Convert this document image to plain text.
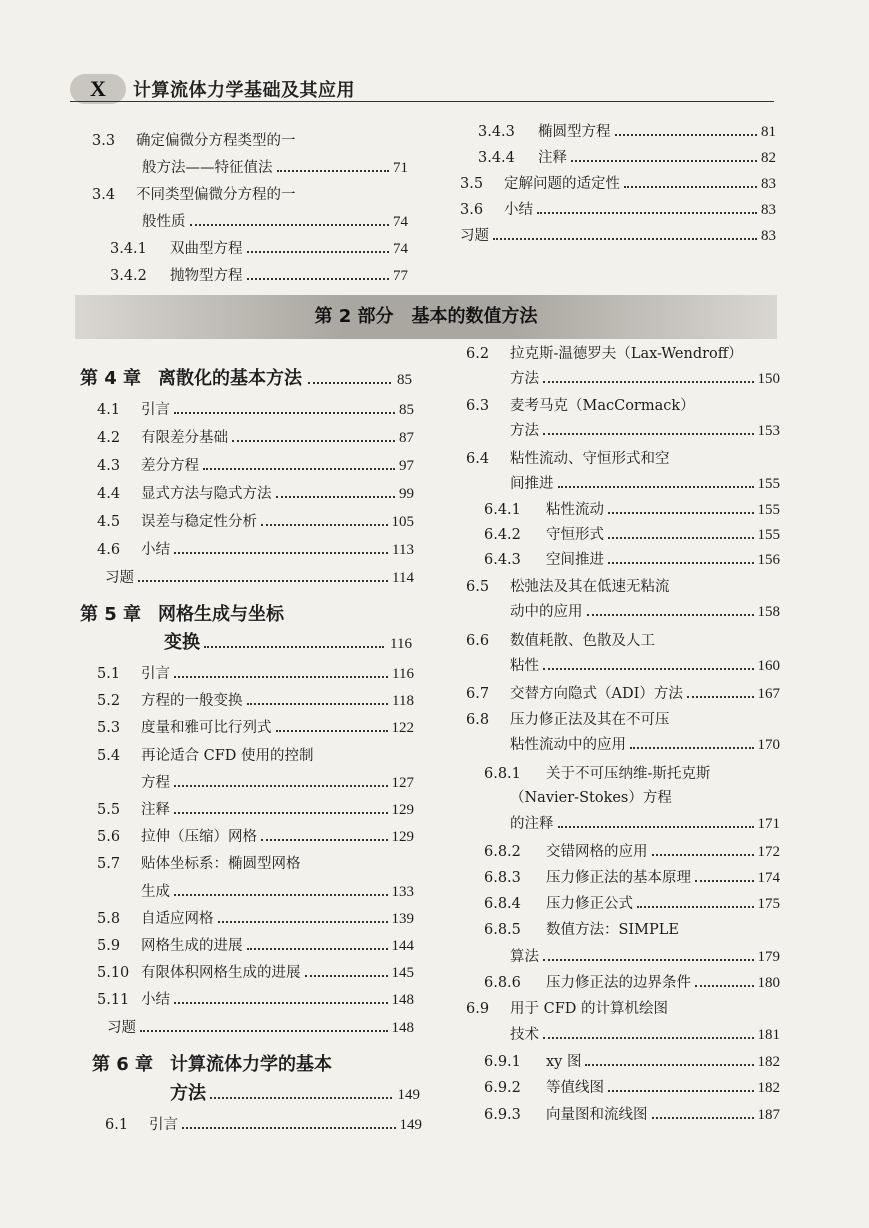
X	计算流体力学基础及其应用
3.3	确定偏微分方程类型的一
般方法——特征值法	71
3.4	不同类型偏微分方程的一
般性质	74
3.4.1	双曲型方程	74
3.4.2	抛物型方程	77
3.4.3	椭圆型方程	81
3.4.4	注释	82
3.5	定解问题的适定性	83
3.6	小结	83
习题	83
第 2 部分 基本的数值方法
第 4 章 离散化的基本方法	85
4.1	引言	85
4.2	有限差分基础	87
4.3	差分方程	97
4.4	显式方法与隐式方法	99
4.5	误差与稳定性分析	105
4.6	小结	113
习题	114
第 5 章 网格生成与坐标
变换	116
5.1	引言	116
5.2	方程的一般变换	118
5.3	度量和雅可比行列式	122
5.4	再论适合 CFD 使用的控制
方程	127
5.5	注释	129
5.6	拉伸（压缩）网格	129
5.7	贴体坐标系：椭圆型网格
生成	133
5.8	自适应网格	139
5.9	网格生成的进展	144
5.10 有限体积网格生成的进展	145
5.11 小结	148
习题	148
第 6 章 计算流体力学的基本
方法	149
6.1	引言	149
6.2	拉克斯-温德罗夫（Lax-Wendroff）
方法	150
6.3	麦考马克（MacCormack）
方法	153
6.4	粘性流动、守恒形式和空
间推进	155
6.4.1	粘性流动	155
6.4.2	守恒形式	155
6.4.3	空间推进	156
6.5	松弛法及其在低速无粘流
动中的应用	158
6.6	数值耗散、色散及人工
粘性	160
6.7	交替方向隐式（ADI）方法	167
6.8	压力修正法及其在不可压
粘性流动中的应用	170
6.8.1	关于不可压纳维-斯托克斯
（Navier-Stokes）方程
的注释	171
6.8.2	交错网格的应用	172
6.8.3	压力修正法的基本原理	174
6.8.4	压力修正公式	175
6.8.5	数值方法：SIMPLE
算法	179
6.8.6	压力修正法的边界条件	180
6.9	用于 CFD 的计算机绘图
技术	181
6.9.1	xy 图	182
6.9.2	等值线图	182
6.9.3	向量图和流线图	187
